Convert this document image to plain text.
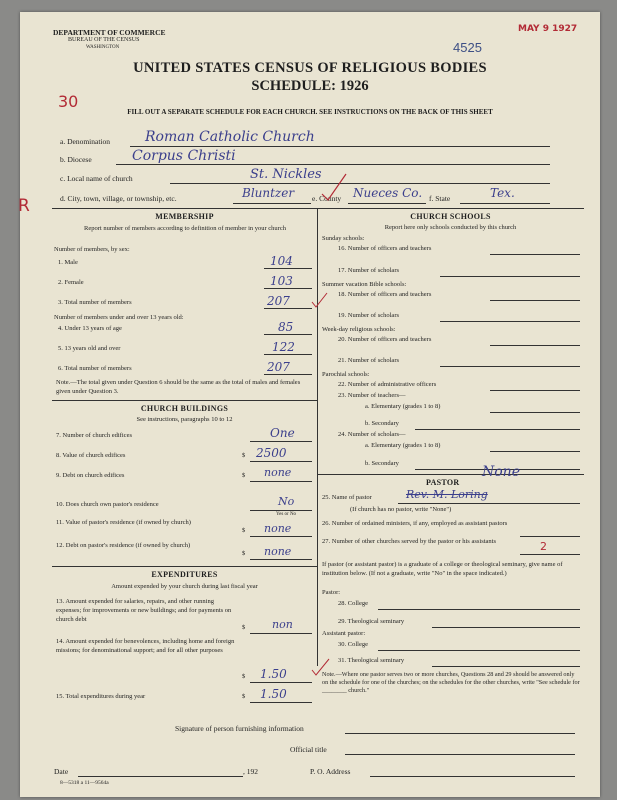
DEPARTMENT OF COMMERCE
BUREAU OF THE CENSUS
WASHINGTON	4525
MAY 9 1927
UNITED STATES CENSUS OF RELIGIOUS BODIES
SCHEDULE: 1926
30
FILL OUT A SEPARATE SCHEDULE FOR EACH CHURCH. SEE INSTRUCTIONS ON THE BACK OF THIS SHEET
R
a. Denomination	Roman Catholic Church
b. Diocese	Corpus Christi
c. Local name of church	St. Nickles
d. City, town, village, or township, etc.	Bluntzer e. County Nueces Co. f. State	Tex.
MEMBERSHIP
Report number of members according to definition of member in your church
Number of members, by sex:
1. Male	104
2. Female	103
3. Total number of members	207
Number of members under and over 13 years old:
4. Under 13 years of age	85
5. 13 years old and over	122
6. Total number of members	207
Note.—The total given under Question 6 should be the same as the total of males and females given under Question 3.
CHURCH BUILDINGS
See instructions, paragraphs 10 to 12
7. Number of church edifices	One
8. Value of church edifices	$ 2500
9. Debt on church edifices	$ none
10. Does church own pastor's residence	No
Yes or No
11. Value of pastor's residence (if owned by church)
$ none
12. Debt on pastor's residence (if owned by church)
$ none
EXPENDITURES
Amount expended by your church during last fiscal year
13. Amount expended for salaries, repairs, and other running expenses; for improvements or new buildings; and for payments on church debt
$ non
14. Amount expended for benevolences, including home and foreign missions; for denominational support; and for all other purposes
$ 1.50
15. Total expenditures during year	$ 1.50
CHURCH SCHOOLS
Report here only schools conducted by this church
Sunday schools:
16. Number of officers and teachers
17. Number of scholars
Summer vacation Bible schools:
18. Number of officers and teachers
19. Number of scholars
Week-day religious schools:
20. Number of officers and teachers
21. Number of scholars
Parochial schools:
22. Number of administrative officers
23. Number of teachers—
a. Elementary (grades 1 to 8)
b. Secondary
24. Number of scholars—
a. Elementary (grades 1 to 8)
b. Secondary
PASTOR
None
25. Name of pastor	Rev. M. Loring
(If church has no pastor, write "None")
26. Number of ordained ministers, if any, employed as assistant pastors
27. Number of other churches served by the pastor or his assistants	2
If pastor (or assistant pastor) is a graduate of a college or theological seminary, give name of institution below. (If not a graduate, write "No" in the space indicated.)
Pastor:
28. College
29. Theological seminary
Assistant pastor:
30. College
31. Theological seminary
Note.—Where one pastor serves two or more churches, Questions 28 and 29 should be answered only on the schedule for one of the churches; on the schedules for the other churches, write "See schedule for ________ church."
Signature of person furnishing information
Official title
Date	, 192	P. O. Address
8—5318 a 11—9564a
